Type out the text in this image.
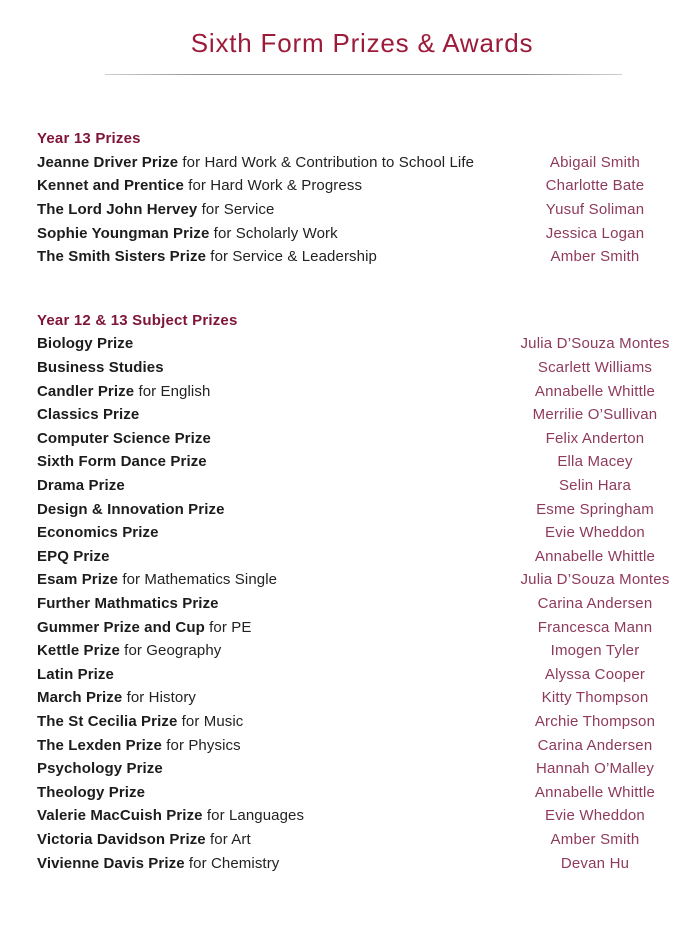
Sixth Form Prizes & Awards
Year 13 Prizes
Jeanne Driver Prize for Hard Work & Contribution to School Life	Abigail Smith
Kennet and Prentice for Hard Work & Progress	Charlotte Bate
The Lord John Hervey for Service	Yusuf Soliman
Sophie Youngman Prize for Scholarly Work	Jessica Logan
The Smith Sisters Prize for Service & Leadership	Amber Smith
Year 12 & 13 Subject Prizes
Biology Prize	Julia D’Souza Montes
Business Studies	Scarlett Williams
Candler Prize for English	Annabelle Whittle
Classics Prize	Merrilie O’Sullivan
Computer Science Prize	Felix Anderton
Sixth Form Dance Prize	Ella Macey
Drama Prize	Selin Hara
Design & Innovation Prize	Esme Springham
Economics Prize	Evie Wheddon
EPQ Prize	Annabelle Whittle
Esam Prize for Mathematics Single	Julia D’Souza Montes
Further Mathmatics Prize	Carina Andersen
Gummer Prize and Cup for PE	Francesca Mann
Kettle Prize for Geography	Imogen Tyler
Latin Prize	Alyssa Cooper
March Prize for History	Kitty Thompson
The St Cecilia Prize for Music	Archie Thompson
The Lexden Prize for Physics	Carina Andersen
Psychology Prize	Hannah O’Malley
Theology Prize	Annabelle Whittle
Valerie MacCuish Prize for Languages	Evie Wheddon
Victoria Davidson Prize for Art	Amber Smith
Vivienne Davis Prize for Chemistry	Devan Hu
